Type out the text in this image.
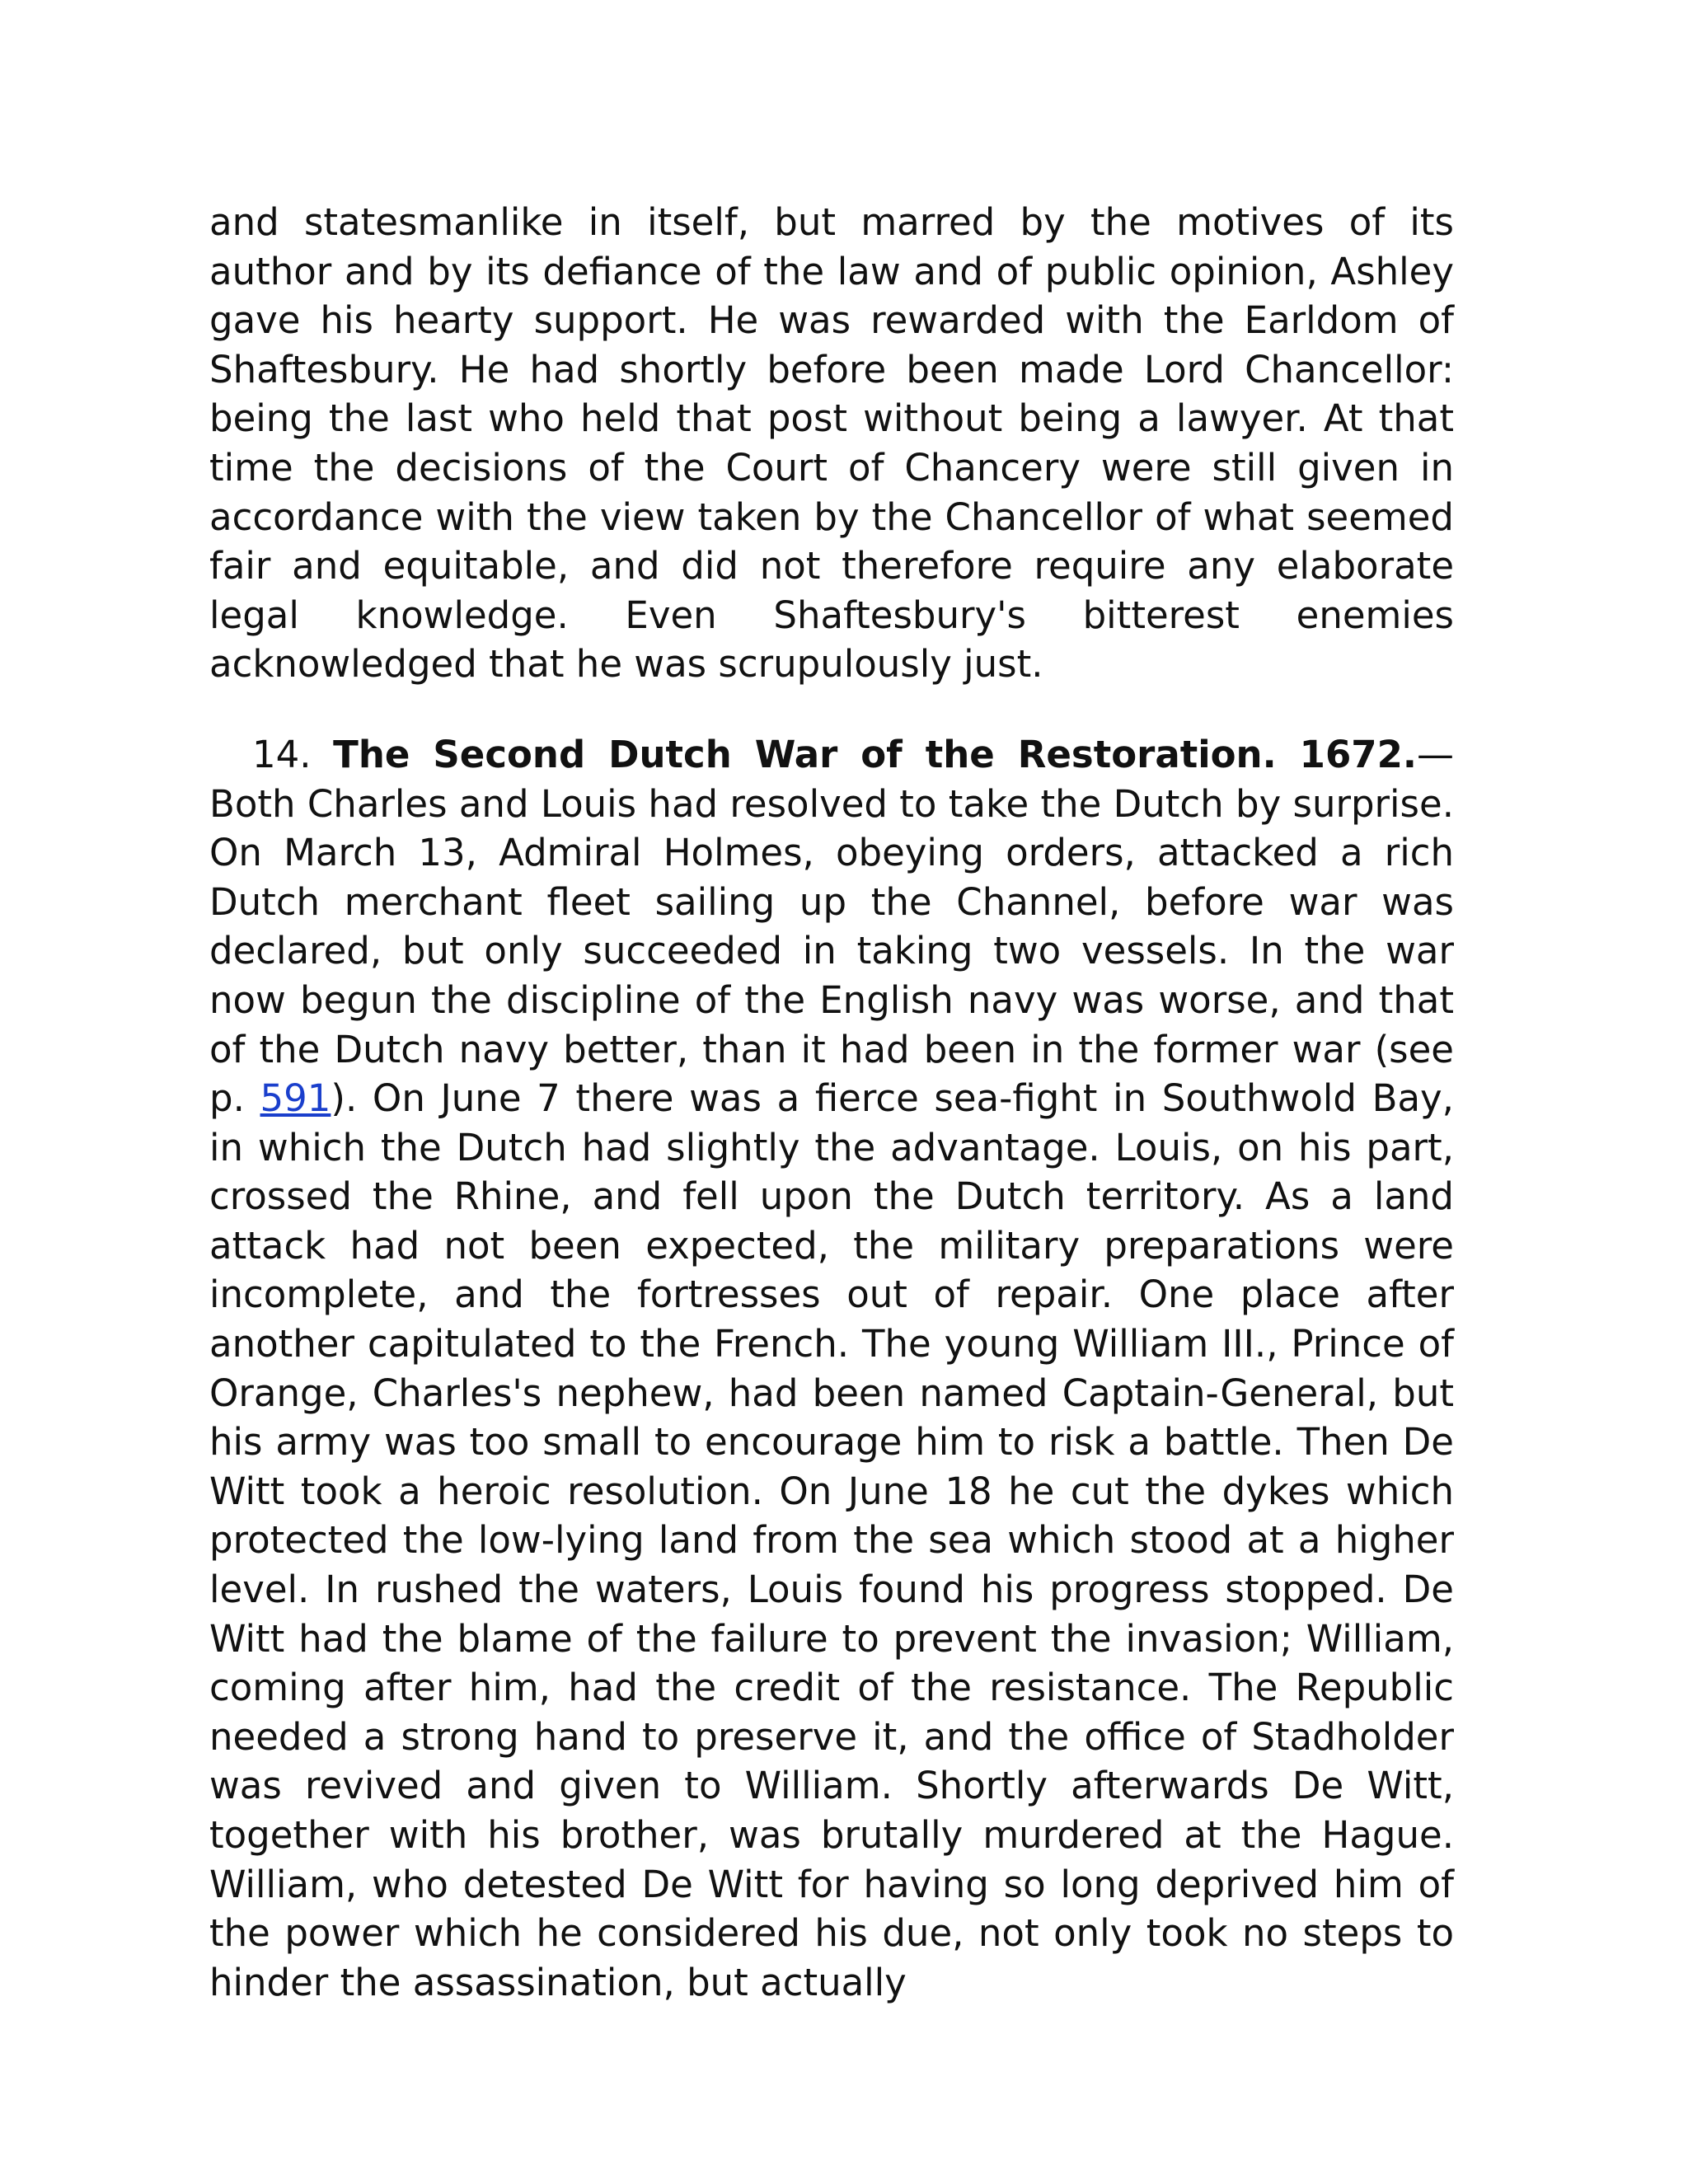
and statesmanlike in itself, but marred by the motives of its author and by its defiance of the law and of public opinion, Ashley gave his hearty support. He was rewarded with the Earldom of Shaftesbury. He had shortly before been made Lord Chancellor: being the last who held that post without being a lawyer. At that time the decisions of the Court of Chancery were still given in accordance with the view taken by the Chancellor of what seemed fair and equitable, and did not therefore require any elaborate legal knowledge. Even Shaftesbury's bitterest enemies acknowledged that he was scrupulously just.

14. The Second Dutch War of the Restoration. 1672.—Both Charles and Louis had resolved to take the Dutch by surprise. On March 13, Admiral Holmes, obeying orders, attacked a rich Dutch merchant fleet sailing up the Channel, before war was declared, but only succeeded in taking two vessels. In the war now begun the discipline of the English navy was worse, and that of the Dutch navy better, than it had been in the former war (see p. 591). On June 7 there was a fierce sea-fight in Southwold Bay, in which the Dutch had slightly the advantage. Louis, on his part, crossed the Rhine, and fell upon the Dutch territory. As a land attack had not been expected, the military preparations were incomplete, and the fortresses out of repair. One place after another capitulated to the French. The young William III., Prince of Orange, Charles's nephew, had been named Captain-General, but his army was too small to encourage him to risk a battle. Then De Witt took a heroic resolution. On June 18 he cut the dykes which protected the low-lying land from the sea which stood at a higher level. In rushed the waters, Louis found his progress stopped. De Witt had the blame of the failure to prevent the invasion; William, coming after him, had the credit of the resistance. The Republic needed a strong hand to preserve it, and the office of Stadholder was revived and given to William. Shortly afterwards De Witt, together with his brother, was brutally murdered at the Hague. William, who detested De Witt for having so long deprived him of the power which he considered his due, not only took no steps to hinder the assassination, but actually
